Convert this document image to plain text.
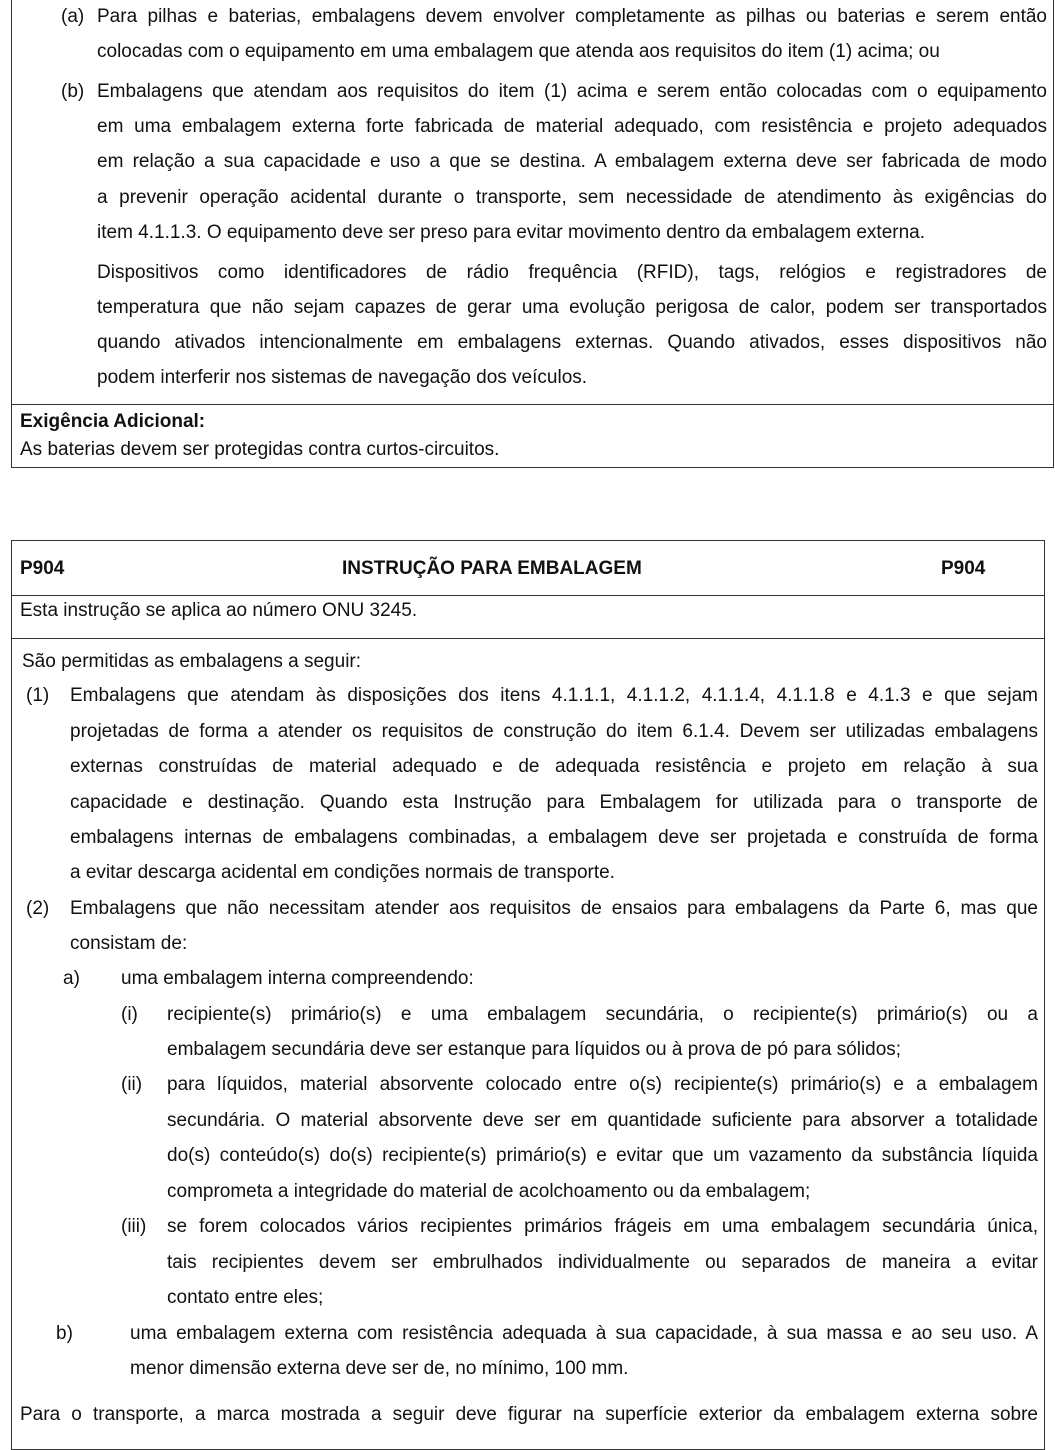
(a) Para pilhas e baterias, embalagens devem envolver completamente as pilhas ou baterias e serem então
colocadas com o equipamento em uma embalagem que atenda aos requisitos do item (1) acima; ou
(b) Embalagens que atendam aos requisitos do item (1) acima e serem então colocadas com o equipamento
em uma embalagem externa forte fabricada de material adequado, com resistência e projeto adequados
em relação a sua capacidade e uso a que se destina. A embalagem externa deve ser fabricada de modo
a prevenir operação acidental durante o transporte, sem necessidade de atendimento às exigências do
item 4.1.1.3. O equipamento deve ser preso para evitar movimento dentro da embalagem externa.
Dispositivos como identificadores de rádio frequência (RFID), tags, relógios e registradores de
temperatura que não sejam capazes de gerar uma evolução perigosa de calor, podem ser transportados
quando ativados intencionalmente em embalagens externas. Quando ativados, esses dispositivos não
podem interferir nos sistemas de navegação dos veículos.
Exigência Adicional:
As baterias devem ser protegidas contra curtos-circuitos.
P904	INSTRUÇÃO PARA EMBALAGEM	P904
Esta instrução se aplica ao número ONU 3245.
São permitidas as embalagens a seguir:
(1) Embalagens que atendam às disposições dos itens 4.1.1.1, 4.1.1.2, 4.1.1.4, 4.1.1.8 e 4.1.3 e que sejam
projetadas de forma a atender os requisitos de construção do item 6.1.4. Devem ser utilizadas embalagens
externas construídas de material adequado e de adequada resistência e projeto em relação à sua
capacidade e destinação. Quando esta Instrução para Embalagem for utilizada para o transporte de
embalagens internas de embalagens combinadas, a embalagem deve ser projetada e construída de forma
a evitar descarga acidental em condições normais de transporte.
(2) Embalagens que não necessitam atender aos requisitos de ensaios para embalagens da Parte 6, mas que
consistam de:
a) uma embalagem interna compreendendo:
(i) recipiente(s) primário(s) e uma embalagem secundária, o recipiente(s) primário(s) ou a
embalagem secundária deve ser estanque para líquidos ou à prova de pó para sólidos;
(ii) para líquidos, material absorvente colocado entre o(s) recipiente(s) primário(s) e a embalagem
secundária. O material absorvente deve ser em quantidade suficiente para absorver a totalidade
do(s) conteúdo(s) do(s) recipiente(s) primário(s) e evitar que um vazamento da substância líquida
comprometa a integridade do material de acolchoamento ou da embalagem;
(iii) se forem colocados vários recipientes primários frágeis em uma embalagem secundária única,
tais recipientes devem ser embrulhados individualmente ou separados de maneira a evitar
contato entre eles;
b)	uma embalagem externa com resistência adequada à sua capacidade, à sua massa e ao seu uso. A
menor dimensão externa deve ser de, no mínimo, 100 mm.
Para o transporte, a marca mostrada a seguir deve figurar na superfície exterior da embalagem externa sobre
